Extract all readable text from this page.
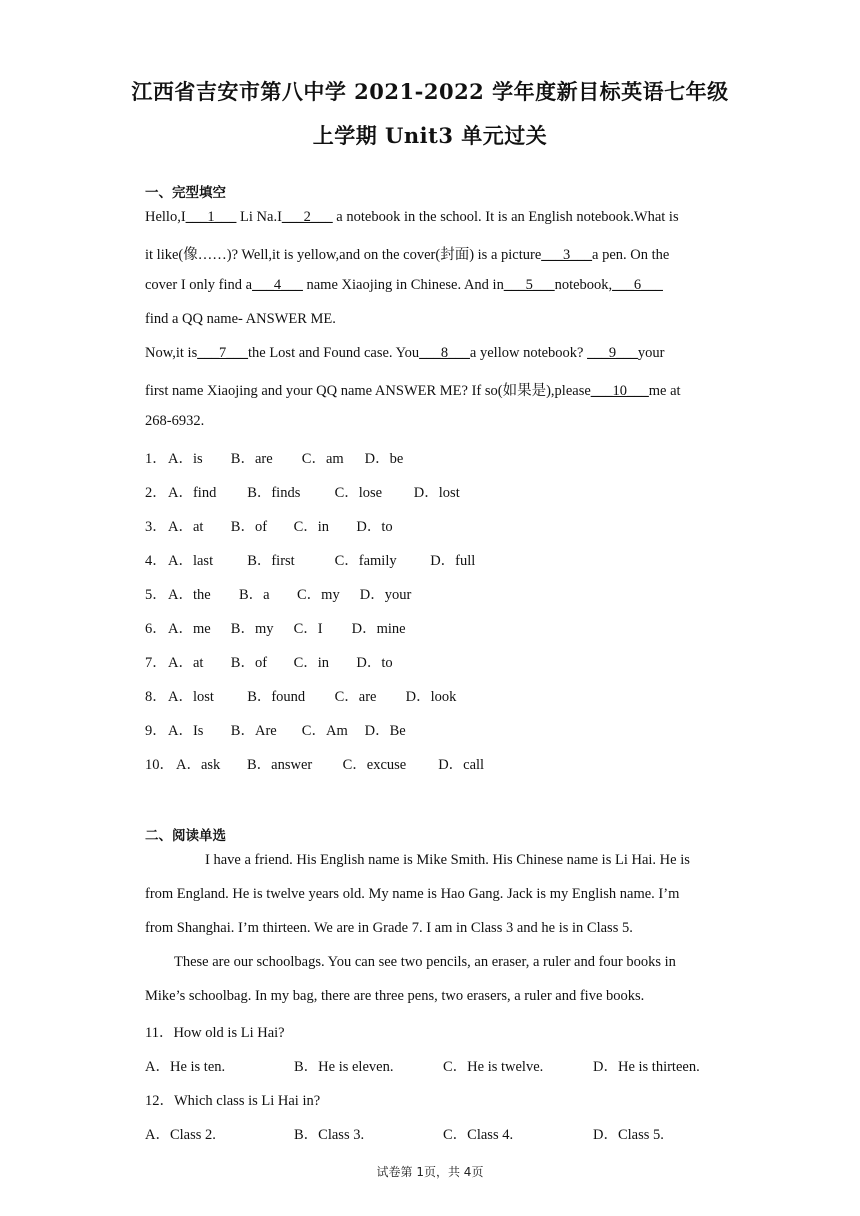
江西省吉安市第八中学 2021-2022 学年度新目标英语七年级
上学期 Unit3 单元过关
一、完型填空
Hello,I___1___ Li Na.I___2___ a notebook in the school. It is an English notebook.What is
it like(像……)? Well,it is yellow,and on the cover(封面) is a picture___3___a pen. On the
cover I only find a___4___ name Xiaojing in Chinese. And in___5___notebook,___6___
find a QQ name- ANSWER ME.
Now,it is___7___the Lost and Found case. You___8___a yellow notebook? ___9___your
first name Xiaojing and your QQ name ANSWER ME? If so(如果是),please___10___me at
268-6932.
1． A．is B．are C．am D．be
2． A．find B．finds C．lose D．lost
3． A．at B．of C．in D．to
4． A．last B．first	C．family D．full
5． A．the B．a C．my D．your
6． A．me B．my C．I D．mine
7． A．at B．of C．in D．to
8． A．lost B．found C．are D．look
9． A．Is B．Are C．Am D．Be
10． A．ask B．answer C．excuse D．call
二、阅读单选
I have a friend. His English name is Mike Smith. His Chinese name is Li Hai. He is
from England. He is twelve years old. My name is Hao Gang. Jack is my English name. I’m
from Shanghai. I’m thirteen. We are in Grade 7. I am in Class 3 and he is in Class 5.
These are our schoolbags. You can see two pencils, an eraser, a ruler and four books in
Mike’s schoolbag. In my bag, there are three pens, two erasers, a ruler and five books.
11．How old is Li Hai?
A．He is ten.	B．He is eleven.	C．He is twelve.	D．He is thirteen.
12．Which class is Li Hai in?
A．Class 2.	B．Class 3.	C．Class 4.	D．Class 5.
试卷第 1页，共 4页
